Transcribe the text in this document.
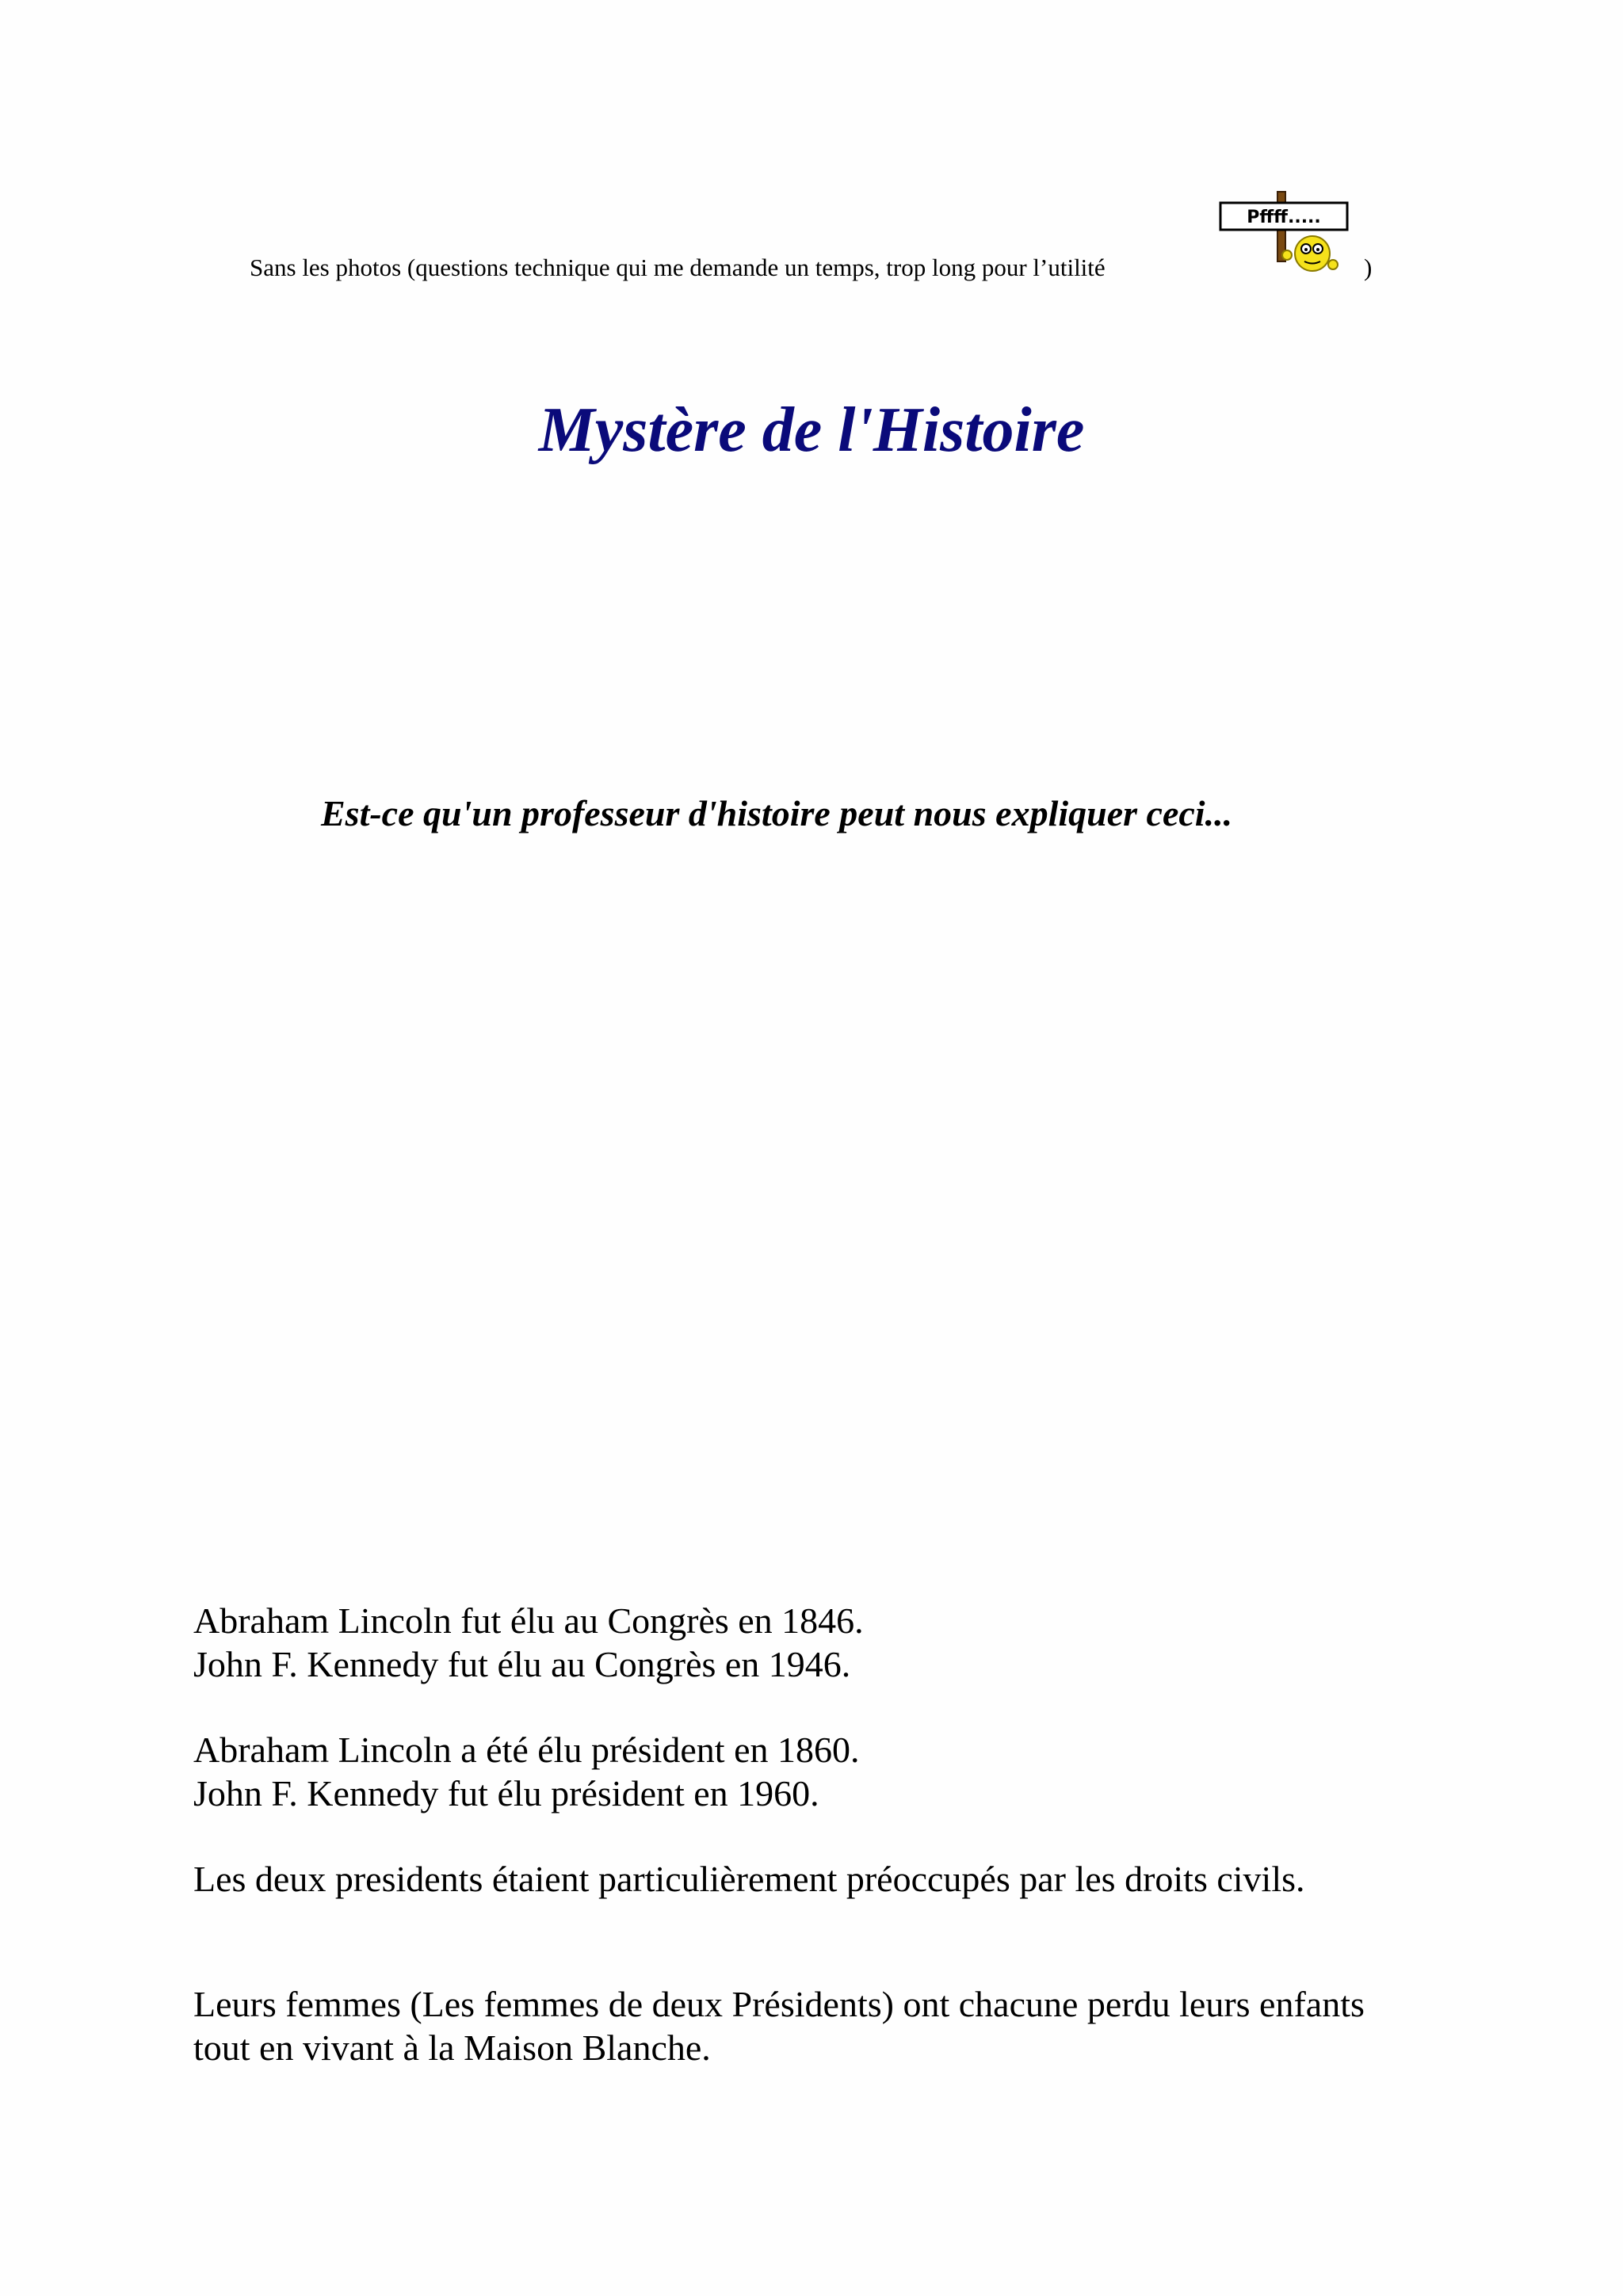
Sans les photos (questions technique qui me demande un temps, trop long pour l’utilité
Pffff.....
)
Mystère de l'Histoire
Est-ce qu'un professeur d'histoire peut nous expliquer ceci...
Abraham Lincoln fut élu au Congrès en 1846.
John F. Kennedy fut élu au Congrès en 1946.
Abraham Lincoln a été élu président en 1860.
John F. Kennedy fut élu président en 1960.
Les deux presidents étaient particulièrement préoccupés par les droits civils.
Leurs femmes (Les femmes de deux Présidents) ont chacune perdu leurs enfants
tout en vivant à la Maison Blanche.
